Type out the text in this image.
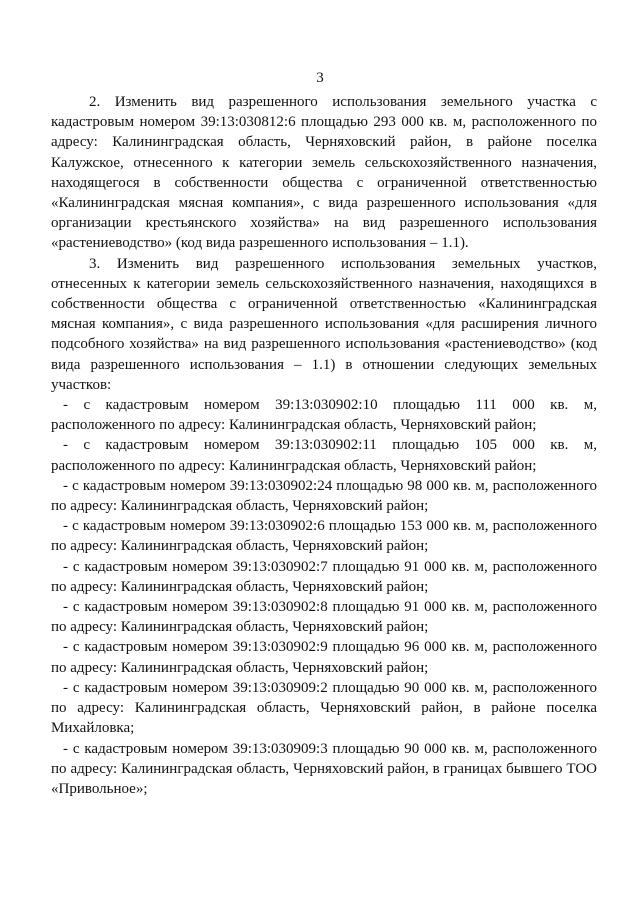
3

2. Изменить вид разрешенного использования земельного участка с кадастровым номером 39:13:030812:6 площадью 293 000 кв. м, расположенного по адресу: Калининградская область, Черняховский район, в районе поселка Калужское, отнесенного к категории земель сельскохозяйственного назначения, находящегося в собственности общества с ограниченной ответственностью «Калининградская мясная компания», с вида разрешенного использования «для организации крестьянского хозяйства» на вид разрешенного использования «растениеводство» (код вида разрешенного использования – 1.1).

3. Изменить вид разрешенного использования земельных участков, отнесенных к категории земель сельскохозяйственного назначения, находящихся в собственности общества с ограниченной ответственностью «Калининградская мясная компания», с вида разрешенного использования «для расширения личного подсобного хозяйства» на вид разрешенного использования «растениеводство» (код вида разрешенного использования – 1.1) в отношении следующих земельных участков:

- с кадастровым номером 39:13:030902:10 площадью 111 000 кв. м, расположенного по адресу: Калининградская область, Черняховский район;

- с кадастровым номером 39:13:030902:11 площадью 105 000 кв. м, расположенного по адресу: Калининградская область, Черняховский район;

- с кадастровым номером 39:13:030902:24 площадью 98 000 кв. м, расположенного по адресу: Калининградская область, Черняховский район;

- с кадастровым номером 39:13:030902:6 площадью 153 000 кв. м, расположенного по адресу: Калининградская область, Черняховский район;

- с кадастровым номером 39:13:030902:7 площадью 91 000 кв. м, расположенного по адресу: Калининградская область, Черняховский район;

- с кадастровым номером 39:13:030902:8 площадью 91 000 кв. м, расположенного по адресу: Калининградская область, Черняховский район;

- с кадастровым номером 39:13:030902:9 площадью 96 000 кв. м, расположенного по адресу: Калининградская область, Черняховский район;

- с кадастровым номером 39:13:030909:2 площадью 90 000 кв. м, расположенного по адресу: Калининградская область, Черняховский район, в районе поселка Михайловка;

- с кадастровым номером 39:13:030909:3 площадью 90 000 кв. м, расположенного по адресу: Калининградская область, Черняховский район, в границах бывшего ТОО «Привольное»;
